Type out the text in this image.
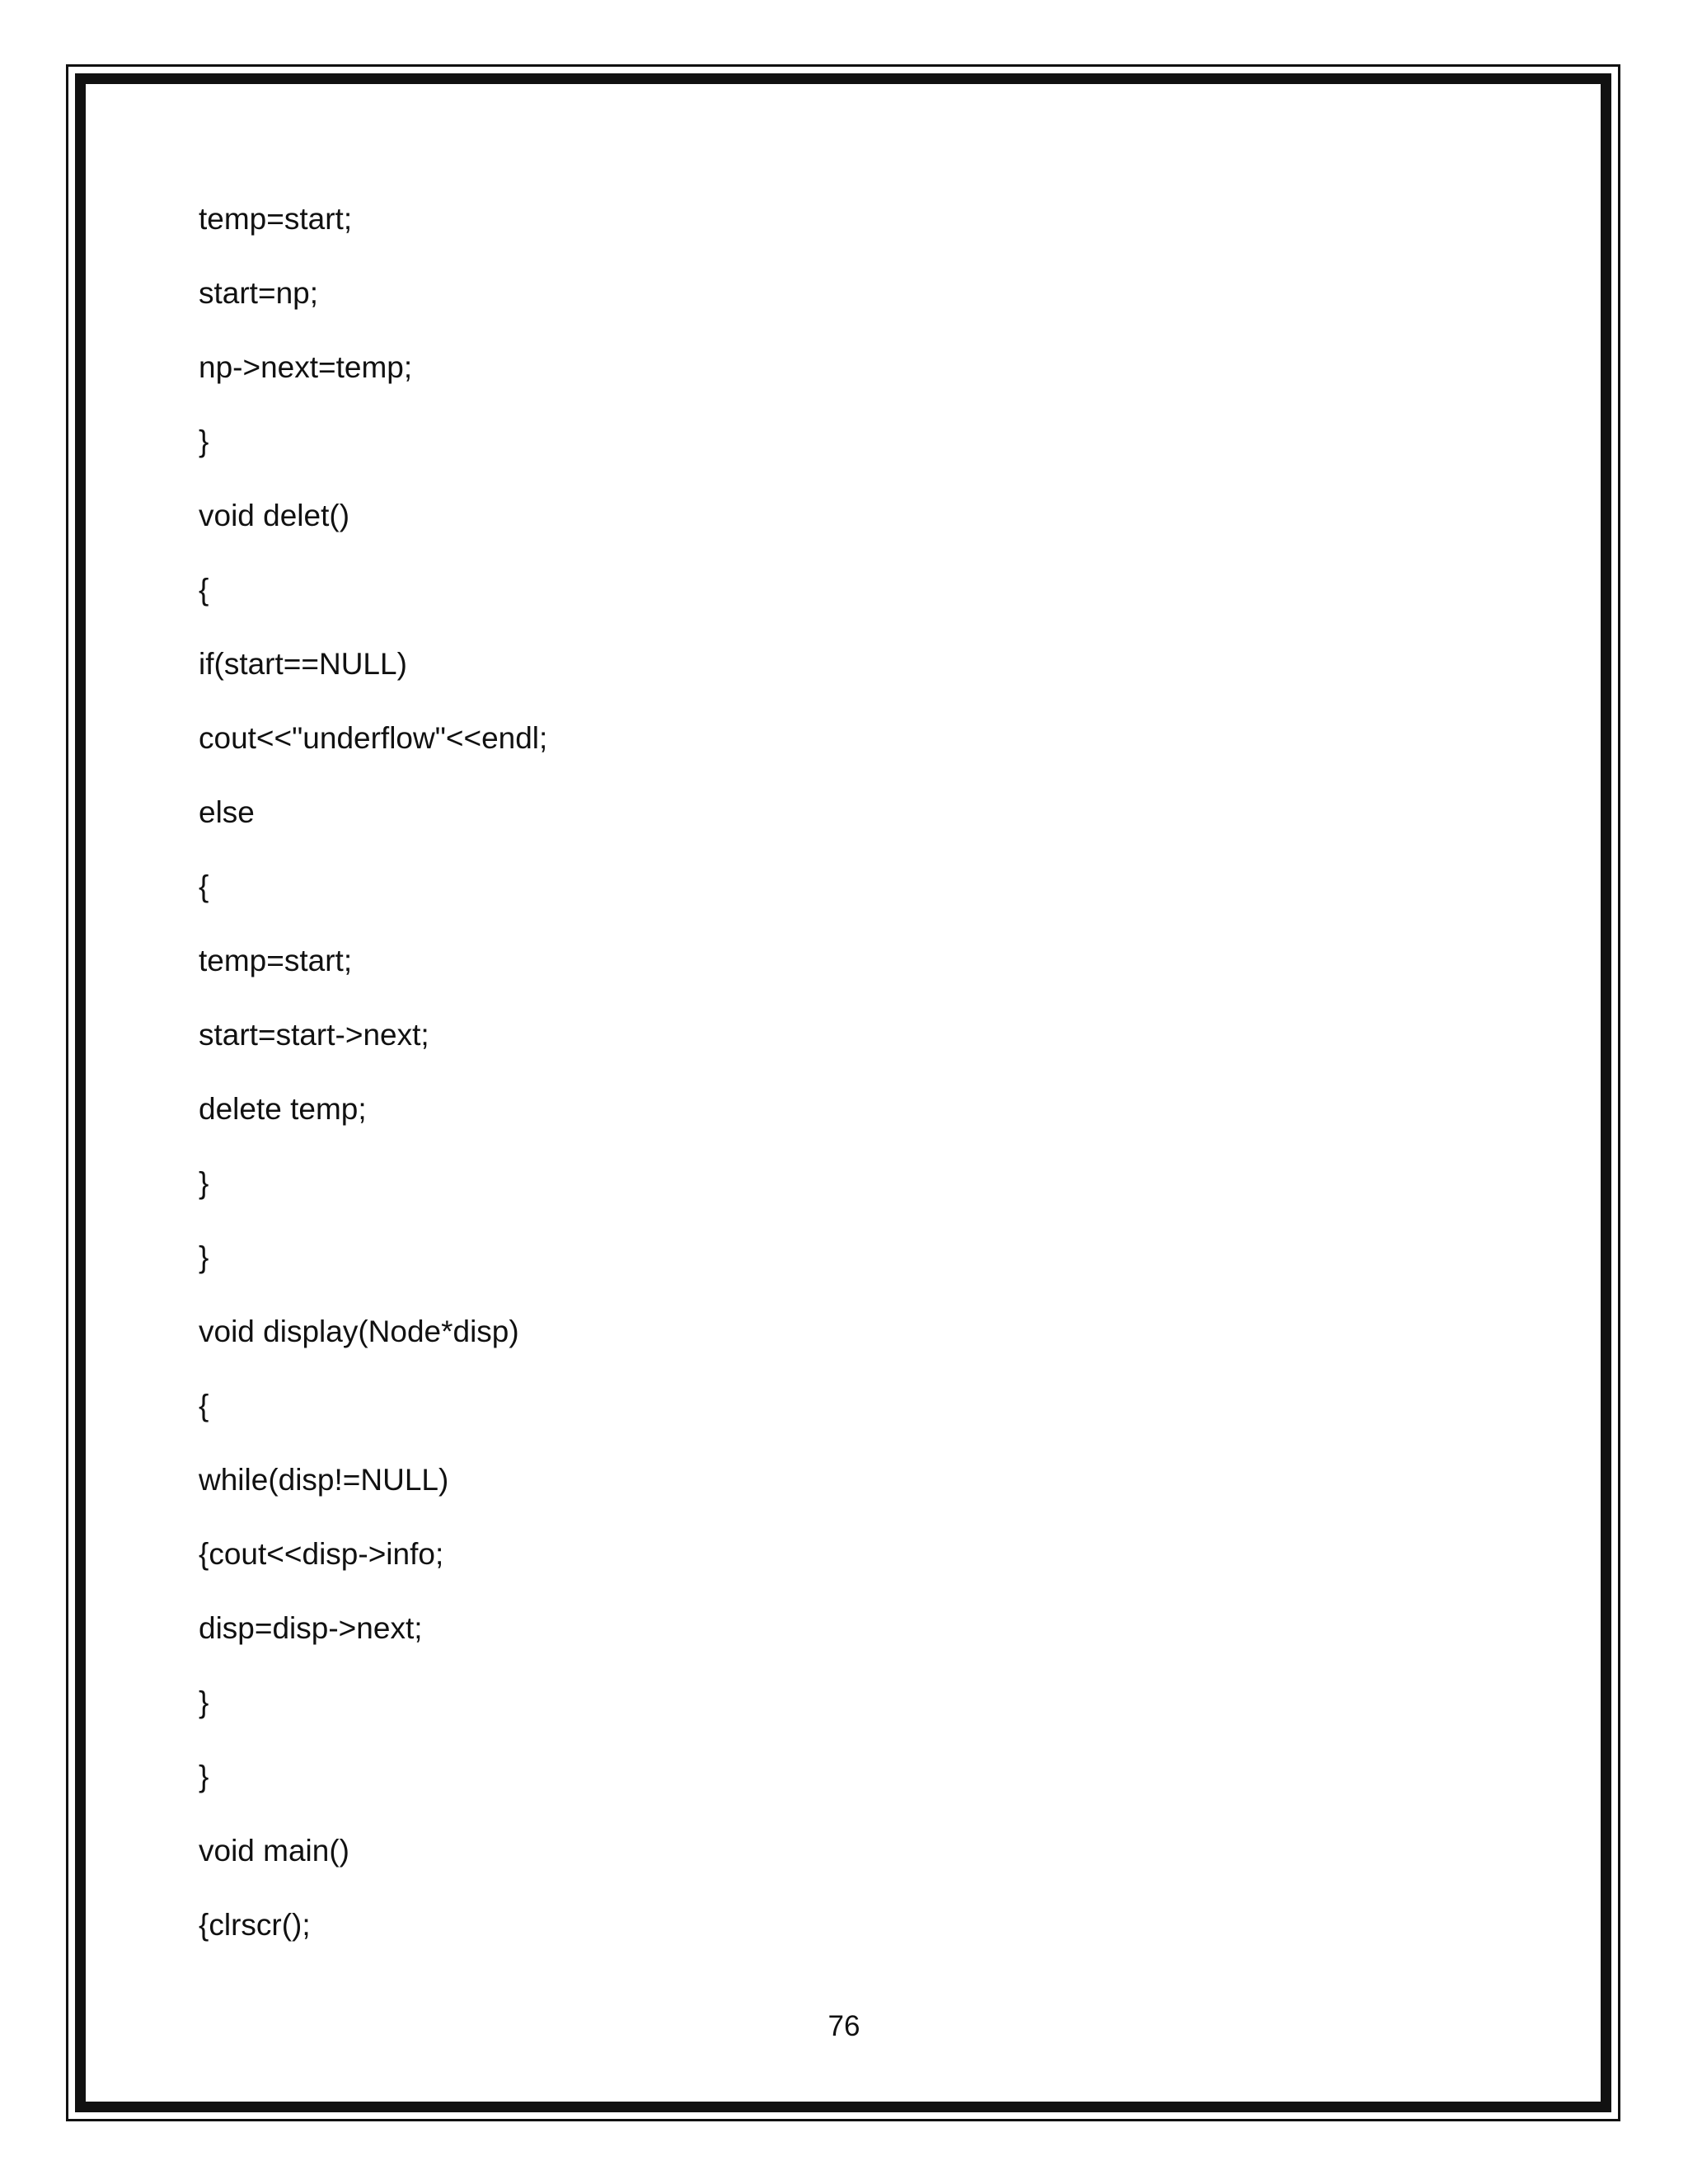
temp=start;
start=np;
np->next=temp;
}
void delet()
{
if(start==NULL)
cout<<"underflow"<<endl;
else
{
temp=start;
start=start->next;
delete temp;
}
}
void display(Node*disp)
{
while(disp!=NULL)
{cout<<disp->info;
disp=disp->next;
}
}
void main()
{clrscr();
76
